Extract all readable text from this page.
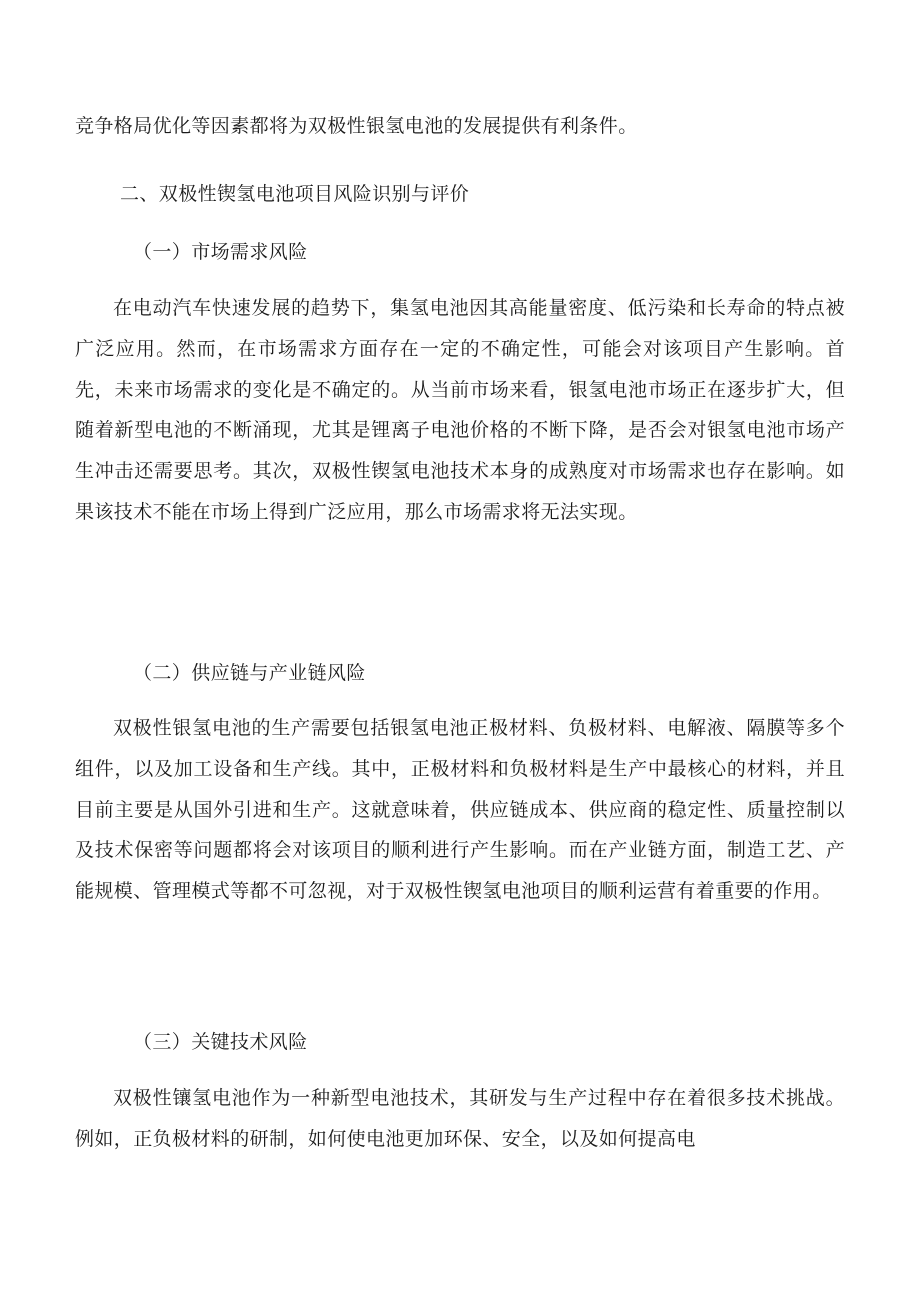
竞争格局优化等因素都将为双极性银氢电池的发展提供有利条件。
二、双极性锲氢电池项目风险识别与评价
（一）市场需求风险
在电动汽车快速发展的趋势下，集氢电池因其高能量密度、低污染和长寿命的特点被广泛应用。然而，在市场需求方面存在一定的不确定性，可能会对该项目产生影响。首先，未来市场需求的变化是不确定的。从当前市场来看，银氢电池市场正在逐步扩大，但随着新型电池的不断涌现，尤其是锂离子电池价格的不断下降，是否会对银氢电池市场产生冲击还需要思考。其次，双极性锲氢电池技术本身的成熟度对市场需求也存在影响。如果该技术不能在市场上得到广泛应用，那么市场需求将无法实现。
（二）供应链与产业链风险
双极性银氢电池的生产需要包括银氢电池正极材料、负极材料、电解液、隔膜等多个组件，以及加工设备和生产线。其中，正极材料和负极材料是生产中最核心的材料，并且目前主要是从国外引进和生产。这就意味着，供应链成本、供应商的稳定性、质量控制以及技术保密等问题都将会对该项目的顺利进行产生影响。而在产业链方面，制造工艺、产能规模、管理模式等都不可忽视，对于双极性锲氢电池项目的顺利运营有着重要的作用。
（三）关键技术风险
双极性镶氢电池作为一种新型电池技术，其研发与生产过程中存在着很多技术挑战。例如，正负极材料的研制，如何使电池更加环保、安全，以及如何提高电
